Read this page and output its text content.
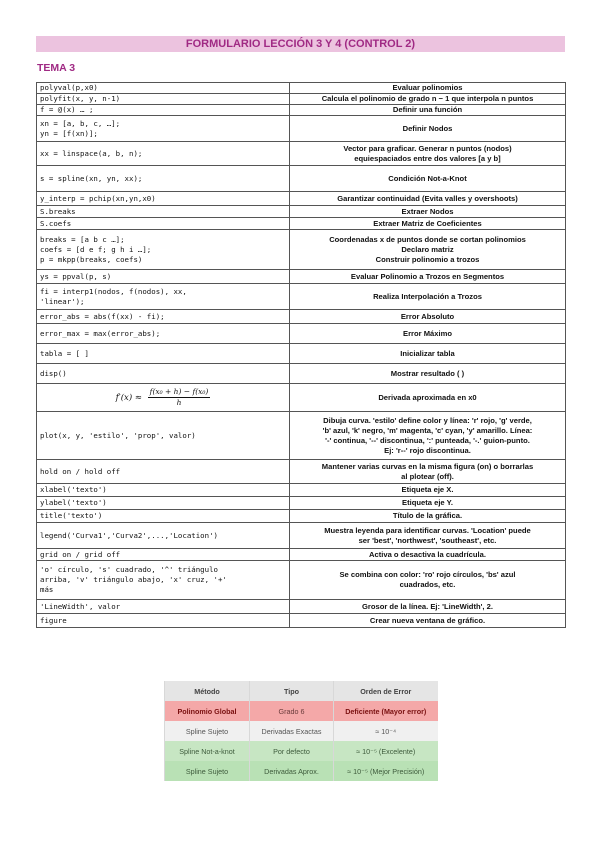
FORMULARIO LECCIÓN 3 Y 4 (CONTROL 2)
TEMA 3
polyval(p,x0)	Evaluar polinomios
polyfit(x, y, n-1)	Calcula el polinomio de grado n − 1 que interpola n puntos
f = @(x) … ;	Definir una función
xn = [a, b, c, …];
yn = [f(xn)];	Definir Nodos
xx = linspace(a, b, n);	Vector para graficar. Generar n puntos (nodos)
equiespaciados entre dos valores [a y b]
s = spline(xn, yn, xx);	Condición Not-a-Knot
y_interp = pchip(xn,yn,x0)	Garantizar continuidad (Evita valles y overshoots)
S.breaks	Extraer Nodos
S.coefs	Extraer Matriz de Coeficientes
breaks = [a b c …];
coefs = [d e f; g h i …];
p = mkpp(breaks, coefs)	Coordenadas x de puntos donde se cortan polinomios
Declaro matriz
Construir polinomio a trozos
ys = ppval(p, s)	Evaluar Polinomio a Trozos en Segmentos
fi = interp1(nodos, f(nodos), xx,
'linear');	Realiza Interpolación a Trozos
error_abs = abs(f(xx) - fi);	Error Absoluto
error_max = max(error_abs);	Error Máximo
tabla = [ ]	Inicializar tabla
disp()	Mostrar resultado ( )
$f'(x) \approx \frac{\text{f(x₀ + h) − f(x₀)}}{h}$	Derivada aproximada en x0
plot(x, y, 'estilo', 'prop', valor)	Dibuja curva. 'estilo' define color y línea: 'r' rojo, 'g' verde,
'b' azul, 'k' negro, 'm' magenta, 'c' cyan, 'y' amarillo. Línea:
'-' continua, '--' discontinua, ':' punteada, '-.' guion-punto.
Ej: 'r--' rojo discontinua.
hold on / hold off	Mantener varias curvas en la misma figura (on) o borrarlas
al plotear (off).
xlabel('texto')	Etiqueta eje X.
ylabel('texto')	Etiqueta eje Y.
title('texto')	Título de la gráfica.
legend('Curva1','Curva2',...,'Location')	Muestra leyenda para identificar curvas. 'Location' puede
ser 'best', 'northwest', 'southeast', etc.
grid on / grid off	Activa o desactiva la cuadrícula.
'o' círculo, 's' cuadrado, '^' triángulo
arriba, 'v' triángulo abajo, 'x' cruz, '+'
más	Se combina con color: 'ro' rojo círculos, 'bs' azul
cuadrados, etc.
'LineWidth', valor	Grosor de la línea. Ej: 'LineWidth', 2.
figure	Crear nueva ventana de gráfico.
Método	Tipo	Orden de Error
Polinomio Global	Grado 6	Deficiente (Mayor error)
Spline Sujeto	Derivadas Exactas	≈ 10⁻⁴
Spline Not-a-knot	Por defecto	≈ 10⁻⁵ (Excelente)
Spline Sujeto	Derivadas Aprox.	≈ 10⁻⁵ (Mejor Precisión)
